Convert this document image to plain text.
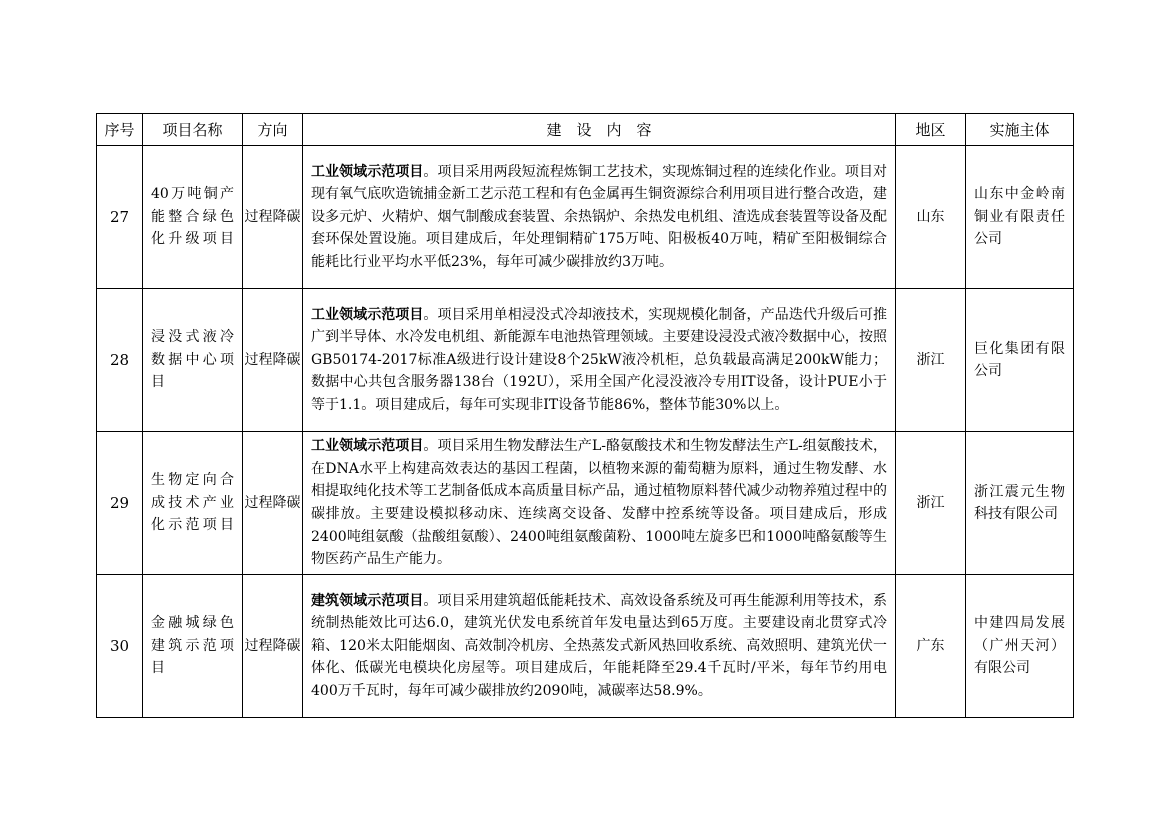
序号	项目名称	方向	建　设　内　容	地区	实施主体
27	40万吨铜产能整合绿色化升级项目	过程降碳	工业领域示范项目。项目采用两段短流程炼铜工艺技术，实现炼铜过程的连续化作业。项目对现有氧气底吹造锍捕金新工艺示范工程和有色金属再生铜资源综合利用项目进行整合改造，建设多元炉、火精炉、烟气制酸成套装置、余热锅炉、余热发电机组、渣选成套装置等设备及配套环保处置设施。项目建成后，年处理铜精矿175万吨、阳极板40万吨，精矿至阳极铜综合能耗比行业平均水平低23%，每年可减少碳排放约3万吨。	山东	山东中金岭南铜业有限责任公司
28	浸没式液冷数据中心项目	过程降碳	工业领域示范项目。项目采用单相浸没式冷却液技术，实现规模化制备，产品迭代升级后可推广到半导体、水冷发电机组、新能源车电池热管理领域。主要建设浸没式液冷数据中心，按照GB50174-2017标准A级进行设计建设8个25kW液冷机柜，总负载最高满足200kW能力；数据中心共包含服务器138台（192U），采用全国产化浸没液冷专用IT设备，设计PUE小于等于1.1。项目建成后，每年可实现非IT设备节能86%，整体节能30%以上。	浙江	巨化集团有限公司
29	生物定向合成技术产业化示范项目	过程降碳	工业领域示范项目。项目采用生物发酵法生产L-酪氨酸技术和生物发酵法生产L-组氨酸技术，在DNA水平上构建高效表达的基因工程菌，以植物来源的葡萄糖为原料，通过生物发酵、水相提取纯化技术等工艺制备低成本高质量目标产品，通过植物原料替代减少动物养殖过程中的碳排放。主要建设模拟移动床、连续离交设备、发酵中控系统等设备。项目建成后，形成2400吨组氨酸（盐酸组氨酸）、2400吨组氨酸菌粉、1000吨左旋多巴和1000吨酪氨酸等生物医药产品生产能力。	浙江	浙江震元生物科技有限公司
30	金融城绿色建筑示范项目	过程降碳	建筑领域示范项目。项目采用建筑超低能耗技术、高效设备系统及可再生能源利用等技术，系统制热能效比可达6.0，建筑光伏发电系统首年发电量达到65万度。主要建设南北贯穿式冷箱、120米太阳能烟囱、高效制冷机房、全热蒸发式新风热回收系统、高效照明、建筑光伏一体化、低碳光电模块化房屋等。项目建成后，年能耗降至29.4千瓦时/平米，每年节约用电400万千瓦时，每年可减少碳排放约2090吨，减碳率达58.9%。	广东	中建四局发展（广州天河）有限公司
